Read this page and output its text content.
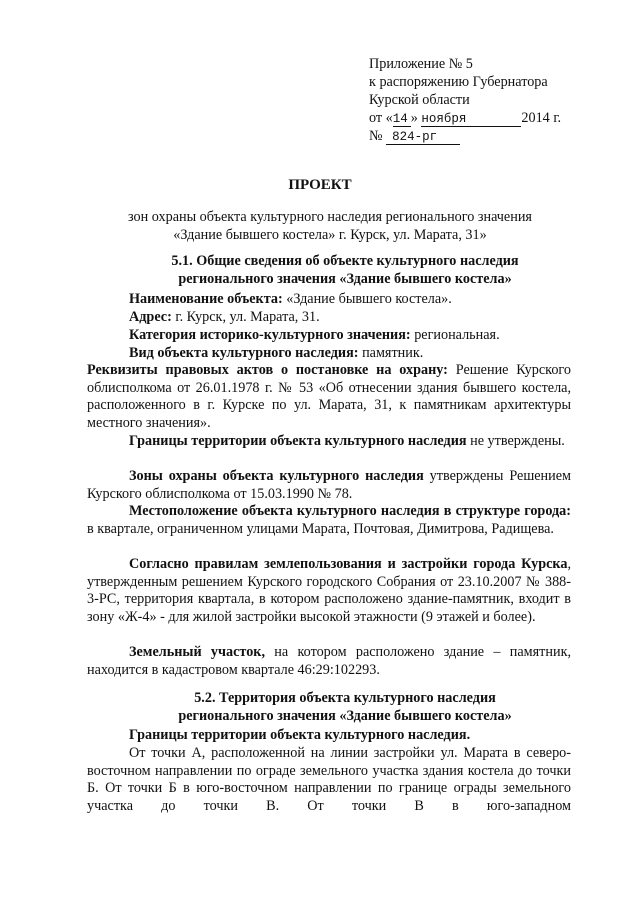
Приложение № 5
к распоряжению Губернатора
Курской области
от «14 » ноября	2014 г.
№ 824-рг
ПРОЕКТ
зон охраны объекта культурного наследия регионального значения
«Здание бывшего костела» г. Курск, ул. Марата, 31»
5.1. Общие сведения об объекте культурного наследия
регионального значения «Здание бывшего костела»
Наименование объекта: «Здание бывшего костела».
Адрес: г. Курск, ул. Марата, 31.
Категория историко-культурного значения: региональная.
Вид объекта культурного наследия: памятник.
Реквизиты правовых актов о постановке на охрану: Решение Курского облисполкома от 26.01.1978 г. № 53 «Об отнесении здания бывшего костела, расположенного в г. Курске по ул. Марата, 31, к памятникам архитектуры местного значения».
Границы территории объекта культурного наследия не утверждены.
Зоны охраны объекта культурного наследия утверждены Решением Курского облисполкома от 15.03.1990 № 78.
Местоположение объекта культурного наследия в структуре города: в квартале, ограниченном улицами Марата, Почтовая, Димитрова, Радищева.
Согласно правилам землепользования и застройки города Курска, утвержденным решением Курского городского Собрания от 23.10.2007 № 388-3-РС, территория квартала, в котором расположено здание-памятник, входит в зону «Ж-4» - для жилой застройки высокой этажности (9 этажей и более).
Земельный участок, на котором расположено здание – памятник, находится в кадастровом квартале 46:29:102293.
5.2. Территория объекта культурного наследия
регионального значения «Здание бывшего костела»
Границы территории объекта культурного наследия.
От точки А, расположенной на линии застройки ул. Марата в северо-восточном направлении по ограде земельного участка здания костела до точки Б. От точки Б в юго-восточном направлении по границе ограды земельного участка до точки В. От точки В в юго-западном
